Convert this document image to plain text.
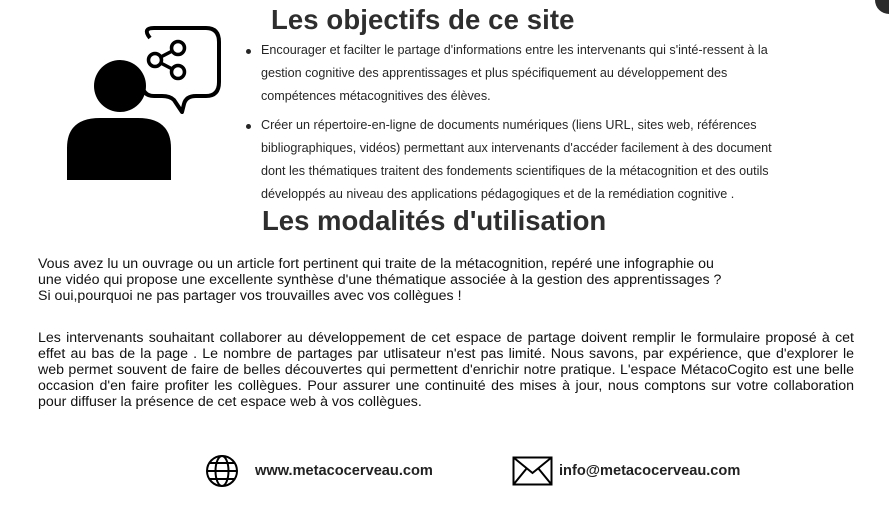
Les objectifs de ce site
Encourager et facilter le partage d'informations entre les intervenants qui s'inté-ressent à la
gestion cognitive des apprentissages et plus spécifiquement au développement des
compétences métacognitives des élèves.
Créer un répertoire-en-ligne de documents numériques (liens URL, sites web, références
bibliographiques, vidéos) permettant aux intervenants d'accéder facilement à des document
dont les thématiques traitent des fondements scientifiques de la métacognition et des outils
développés au niveau des applications pédagogiques et de la remédiation cognitive .
Les modalités d'utilisation

Vous avez lu un ouvrage ou un article fort pertinent qui traite de la métacognition, repéré une infographie ou
une vidéo qui propose une excellente synthèse d'une thématique associée à la gestion des apprentissages ?
Si oui,pourquoi ne pas partager vos trouvailles avec vos collègues !

Les intervenants souhaitant collaborer au développement de cet espace de partage doivent remplir le formulaire proposé à cet effet au bas de la page . Le nombre de partages par utlisateur n'est pas limité. Nous savons, par expérience, que d'explorer le web permet souvent de faire de belles découvertes qui permettent d'enrichir notre pratique. L'espace MétacoCogito est une belle occasion d'en faire profiter les collègues. Pour assurer une continuité des mises à jour, nous comptons sur votre collaboration pour diffuser la présence de cet espace web à vos collègues.

www.metacocerveau.com	info@metacocerveau.com
